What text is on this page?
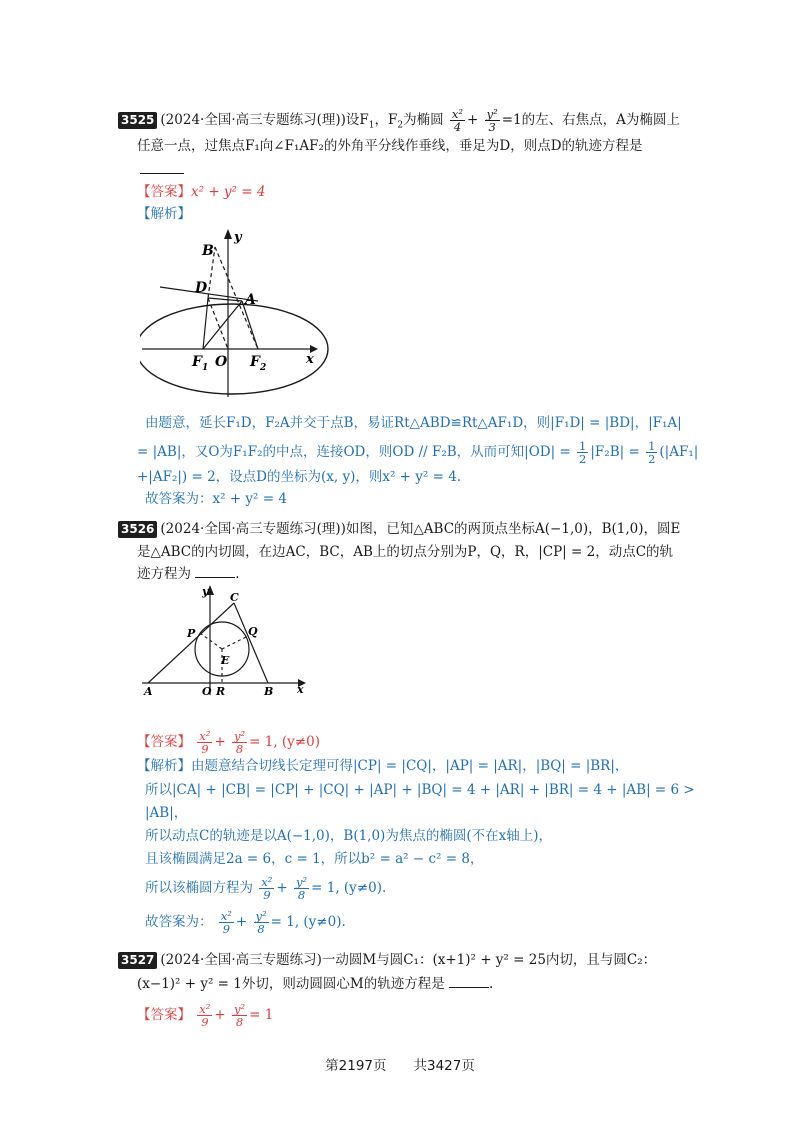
3525 (2024·全国·高三专题练习(理))设$F_1$，$F_2$为椭圆 $\frac{\text{x²}}{4} + \frac{\text{y²}}{3} =1$的左、右焦点，A为椭圆上
任意一点，过焦点F₁向∠F₁AF₂的外角平分线作垂线，垂足为D，则点D的轨迹方程是
【答案】x² + y² = 4
【解析】
B
D
A
F 1 O F 2
x
y
由题意，延长F₁D，F₂A并交于点B，易证Rt△ABD≌Rt△AF₁D，则|F₁D| = |BD|，|F₁A|
= |AB|，又O为F₁F₂的中点，连接OD，则OD // F₂B，从而可知$|OD| = \frac{1}{2} |F_2B| = \frac{1}{2} (|AF_1|$
+|AF₂|) = 2，设点D的坐标为(x, y)，则x² + y² = 4.
故答案为：x² + y² = 4
3526 (2024·全国·高三专题练习(理))如图，已知△ABC的两顶点坐标A(−1,0)，B(1,0)，圆E
是△ABC的内切圆，在边AC，BC，AB上的切点分别为P，Q，R，|CP| = 2，动点C的轨
迹方程为	.
C
P	Q
E
A	O R	B x
y
【答案】 $\frac{\text{x²}}{9} + \frac{\text{y²}}{8} = 1$, (y≠0)
【解析】由题意结合切线长定理可得|CP| = |CQ|，|AP| = |AR|，|BQ| = |BR|，
所以|CA| + |CB| = |CP| + |CQ| + |AP| + |BQ| = 4 + |AR| + |BR| = 4 + |AB| = 6 >
|AB|，
所以动点C的轨迹是以A(−1,0)，B(1,0)为焦点的椭圆(不在x轴上)，
且该椭圆满足2a = 6，c = 1，所以b² = a² − c² = 8，
所以该椭圆方程为 $\frac{\text{x²}}{9} + \frac{\text{y²}}{8} = 1$, (y≠0).
故答案为： $\frac{\text{x²}}{9} + \frac{\text{y²}}{8} = 1$, (y≠0).
3527 (2024·全国·高三专题练习)一动圆M与圆C₁：(x+1)² + y² = 25内切，且与圆C₂：
(x−1)² + y² = 1外切，则动圆圆心M的轨迹方程是	.
【答案】 $\frac{\text{x²}}{9} + \frac{\text{y²}}{8} = 1$
第2197页　　共3427页
